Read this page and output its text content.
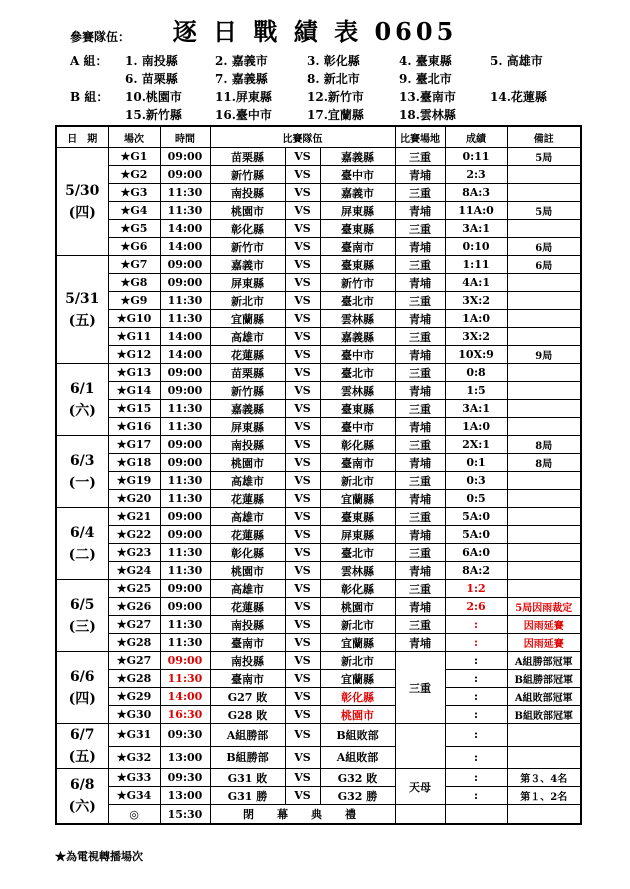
逐 日 戰 績 表 0605
參賽隊伍：
A 組：
B 組：
1. 南投縣	2. 嘉義市	3. 彰化縣	4. 臺東縣	5. 高雄市
6. 苗栗縣	7. 嘉義縣	8. 新北市	9. 臺北市
10.桃園市	11.屏東縣	12.新竹市	13.臺南市	14.花蓮縣
15.新竹縣	16.臺中市	17.宜蘭縣	18.雲林縣
日　期	場次	時間	比賽隊伍			比賽場地	成績	備註

5/30
(四)	★G1	09:00	苗栗縣	VS	嘉義縣	三重	0:11	5局
	★G2	09:00	新竹縣	VS	臺中市	青埔	2:3	
	★G3	11:30	南投縣	VS	嘉義市	三重	8A:3	
	★G4	11:30	桃園市	VS	屏東縣	青埔	11A:0	5局
	★G5	14:00	彰化縣	VS	臺東縣	三重	3A:1	
	★G6	14:00	新竹市	VS	臺南市	青埔	0:10	6局

5/31
(五)	★G7	09:00	嘉義市	VS	臺東縣	三重	1:11	6局
	★G8	09:00	屏東縣	VS	新竹市	青埔	4A:1	
	★G9	11:30	新北市	VS	臺北市	三重	3X:2	
	★G10	11:30	宜蘭縣	VS	雲林縣	青埔	1A:0	
	★G11	14:00	高雄市	VS	嘉義縣	三重	3X:2	
	★G12	14:00	花蓮縣	VS	臺中市	青埔	10X:9	9局

6/1
(六)	★G13	09:00	苗栗縣	VS	臺北市	三重	0:8	
	★G14	09:00	新竹縣	VS	雲林縣	青埔	1:5	
	★G15	11:30	嘉義縣	VS	臺東縣	三重	3A:1	
	★G16	11:30	屏東縣	VS	臺中市	青埔	1A:0	

6/3
(一)	★G17	09:00	南投縣	VS	彰化縣	三重	2X:1	8局
	★G18	09:00	桃園市	VS	臺南市	青埔	0:1	8局
	★G19	11:30	高雄市	VS	新北市	三重	0:3	
	★G20	11:30	花蓮縣	VS	宜蘭縣	青埔	0:5	

6/4
(二)	★G21	09:00	高雄市	VS	臺東縣	三重	5A:0	
	★G22	09:00	花蓮縣	VS	屏東縣	青埔	5A:0	
	★G23	11:30	彰化縣	VS	臺北市	三重	6A:0	
	★G24	11:30	桃園市	VS	雲林縣	青埔	8A:2	

6/5
(三)	★G25	09:00	高雄市	VS	彰化縣	三重	1:2	
	★G26	09:00	花蓮縣	VS	桃園市	青埔	2:6	5局因雨裁定
	★G27	11:30	南投縣	VS	新北市	三重	:	因雨延賽
	★G28	11:30	臺南市	VS	宜蘭縣	青埔	:	因雨延賽

6/6
(四)	★G27	09:00	南投縣	VS	新北市	三重	:	A組勝部冠軍
	★G28	11:30	臺南市	VS	宜蘭縣		:	B組勝部冠軍
	★G29	14:00	G27 敗	VS	彰化縣		:	A組敗部冠軍
	★G30	16:30	G28 敗	VS	桃園市		:	B組敗部冠軍

6/7
(五)	★G31	09:30	A組勝部	VS	B組敗部		:	
	★G32	13:00	B組勝部	VS	A組敗部		:	

6/8
(六)	★G33	09:30	G31 敗	VS	G32 敗	天母	:	第３、4名
	★G34	13:00	G31 勝	VS	G32 勝		:	第１、2名
	◎	15:30	閉　幕　典　禮					
★為電視轉播場次
